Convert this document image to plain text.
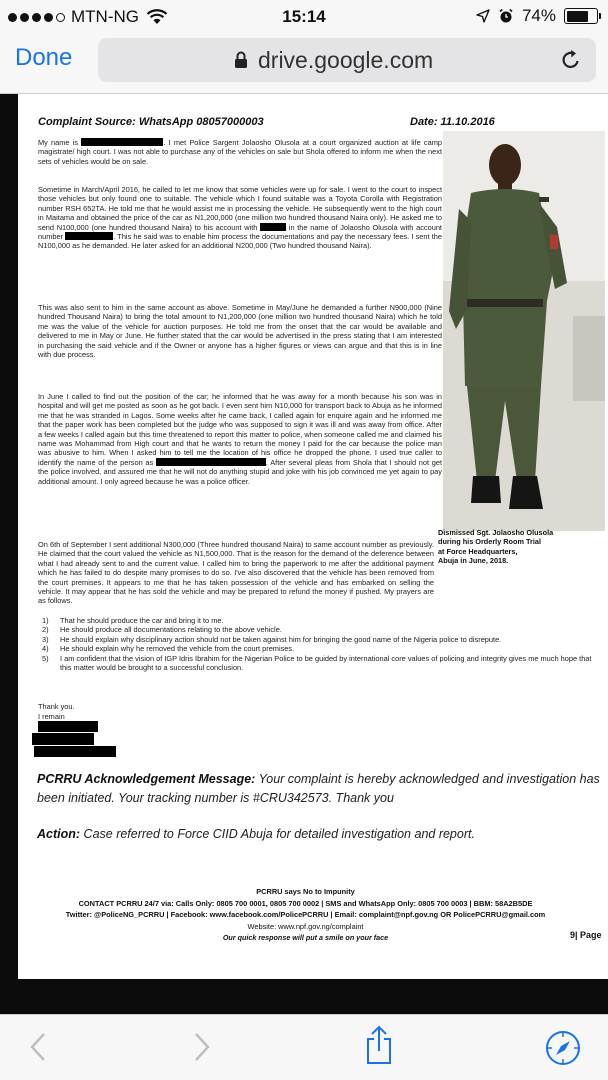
MTN-NG	15:14	74%
Done	drive.google.com
Complaint Source: WhatsApp 08057000003	Date: 11.10.2016
My name is	. I met Police Sargent Jolaosho Olusola at a court organized auction at life camp magistrate/ high court. I was not able to purchase any of the vehicles on sale but Shola offered to inform me when the next sets of vehicles would be on sale.
Sometime in March/April 2016, he called to let me know that some vehicles were up for sale. I went to the court to inspect those vehicles but only found one to suitable. The vehicle which I found suitable was a Toyota Corolla with Registration number RSH 652TA. He told me that he would assist me in processing the vehicle. He subsequently went to the high court in Maitama and obtained the price of the car as N1,200,000 (one million two hundred thousand Naira only). He asked me to send N100,000 (one hundred thousand Naira) to his account with	in the name of Jolaosho Olusola with account number	. This he said was to enable him process the documentations and pay the necessary fees. I sent the N100,000 as he demanded. He later asked for an additional N200,000 (Two hundred thousand Naira).
This was also sent to him in the same account as above. Sometime in May/June he demanded a further N900,000 (Nine hundred Thousand Naira) to bring the total amount to N1,200,000 (one million two hundred thousand Naira) which he told me was the value of the vehicle for auction purposes. He told me from the onset that the car would be available and delivered to me in May or June. He further stated that the car would be advertised in the press stating that I am interested in purchasing the said vehicle and if the Owner or anyone has a higher figures or views can argue and that this is in line with due process.
In June I called to find out the position of the car; he informed that he was away for a month because his son was in hospital and will get me posted as soon as he got back. I even sent him N10,000 for transport back to Abuja as he informed me that he was stranded in Lagos. Some weeks after he came back, I called again for enquire again and he informed me that the paper work has been completed but the judge who was supposed to sign it was ill and was away from office. After a few weeks I called again but this time threatened to report this matter to police, when someone called me and claimed his name was Mohammad from High court and that he wants to return the money I paid for the car because the police man was abusive to him. When I asked him to tell me the location of his office he dropped the phone. I used true caller to identify the name of the person as	. After several pleas from Shola that I should not get the police involved, and assured me that he will not do anything stupid and joke with his job convinced me yet again to pay additional amount. I only agreed because he was a police officer.
Dismissed Sgt. Jolaosho Olusola
during his Orderly Room Trial
at Force Headquarters,
Abuja in June, 2018.
On 6th of September I sent additional N300,000 (Three hundred thousand Naira) to same account number as previously. He claimed that the court valued the vehicle as N1,500,000. That is the reason for the demand of the deference between what I had already sent to and the current value. I called him to bring the paperwork to me after the additional payment which he has failed to do despite many promises to do so. I've also discovered that the vehicle has been removed from the court premises. It appears to me that he has taken possession of the vehicle and has embarked on selling the vehicle. It may appear that he has sold the vehicle and may be prepared to refund the money if pushed. My prayers are as follows.
1)	That he should produce the car and bring it to me.
2)	He should produce all documentations relating to the above vehicle.
3)	He should explain why disciplinary action should not be taken against him for bringing the good name of the Nigeria police to disrepute.
4)	He should explain why he removed the vehicle from the court premises.
5)	I am confident that the vision of IGP Idris Ibrahim for the Nigerian Police to be guided by international core values of policing and integrity gives me much hope that this matter would be brought to a successful conclusion.
Thank you.
I remain
PCRRU Acknowledgement Message: Your complaint is hereby acknowledged and investigation has been initiated. Your tracking number is #CRU342573. Thank you
Action: Case referred to Force CIID Abuja for detailed investigation and report.
PCRRU says No to Impunity
CONTACT PCRRU 24/7 via: Calls Only: 0805 700 0001, 0805 700 0002 | SMS and WhatsApp Only: 0805 700 0003 | BBM: 58A2B5DE
Twitter: @PoliceNG_PCRRU | Facebook: www.facebook.com/PolicePCRRU | Email: complaint@npf.gov.ng OR PolicePCRRU@gmail.com
Website: www.npf.gov.ng/complaint
Our quick response will put a smile on your face	9| Page
